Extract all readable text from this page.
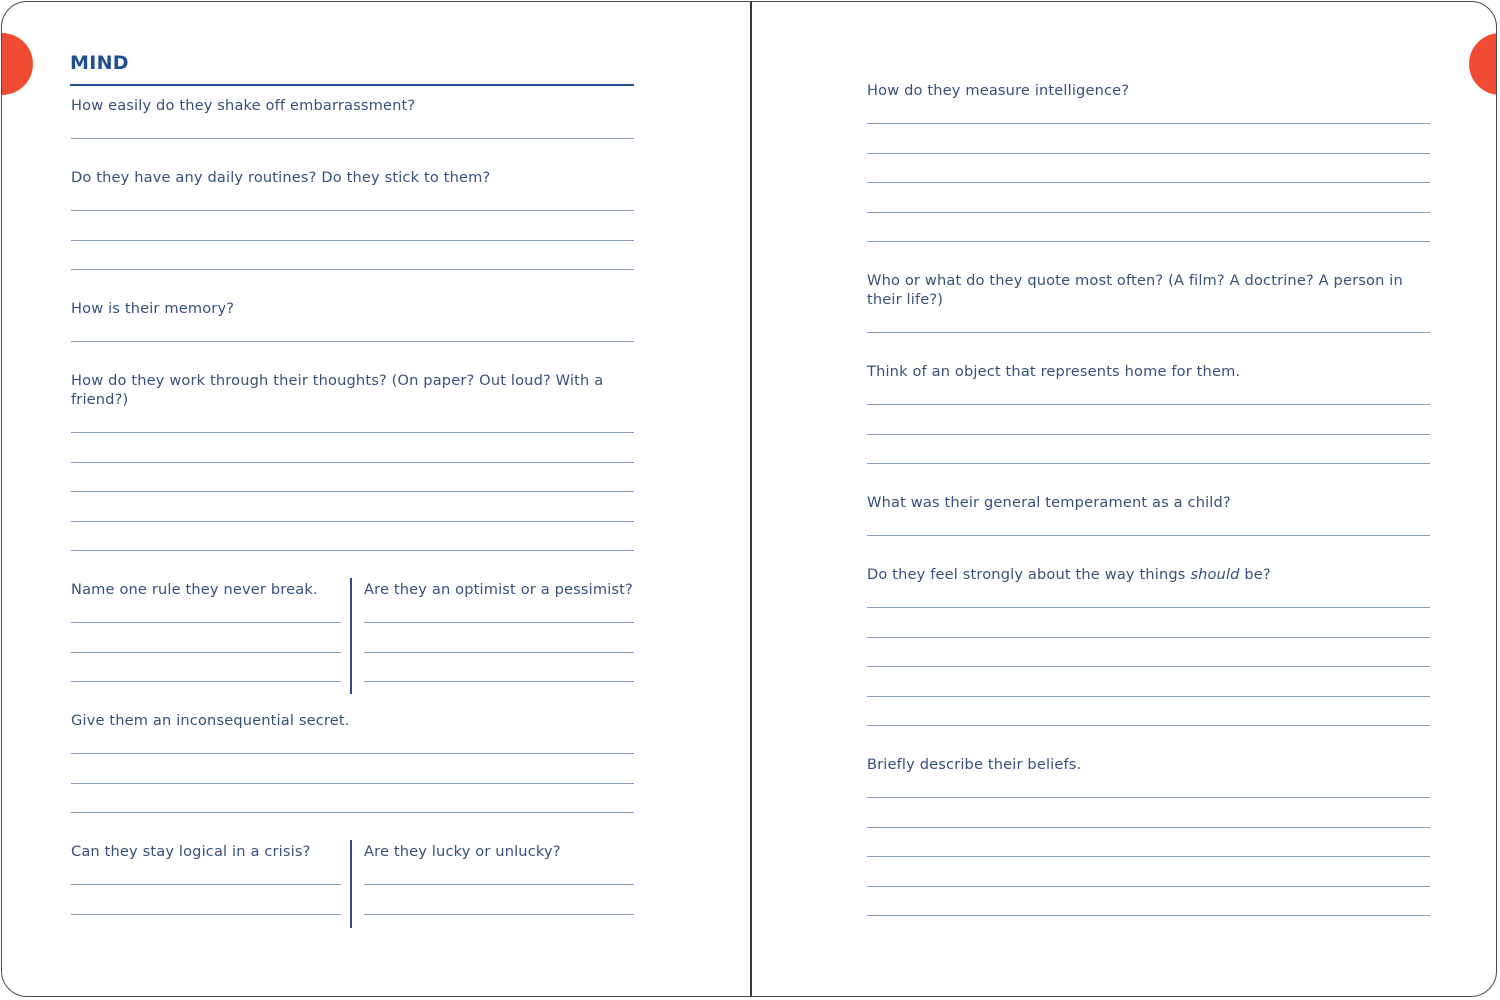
MIND
How easily do they shake off embarrassment?
Do they have any daily routines? Do they stick to them?
How is their memory?
How do they work through their thoughts? (On paper? Out loud? With a friend?)
Name one rule they never break.	Are they an optimist or a pessimist?
Give them an inconsequential secret.
Can they stay logical in a crisis?	Are they lucky or unlucky?
How do they measure intelligence?
Who or what do they quote most often? (A film? A doctrine? A person in their life?)
Think of an object that represents home for them.
What was their general temperament as a child?
Do they feel strongly about the way things should be?
Briefly describe their beliefs.
